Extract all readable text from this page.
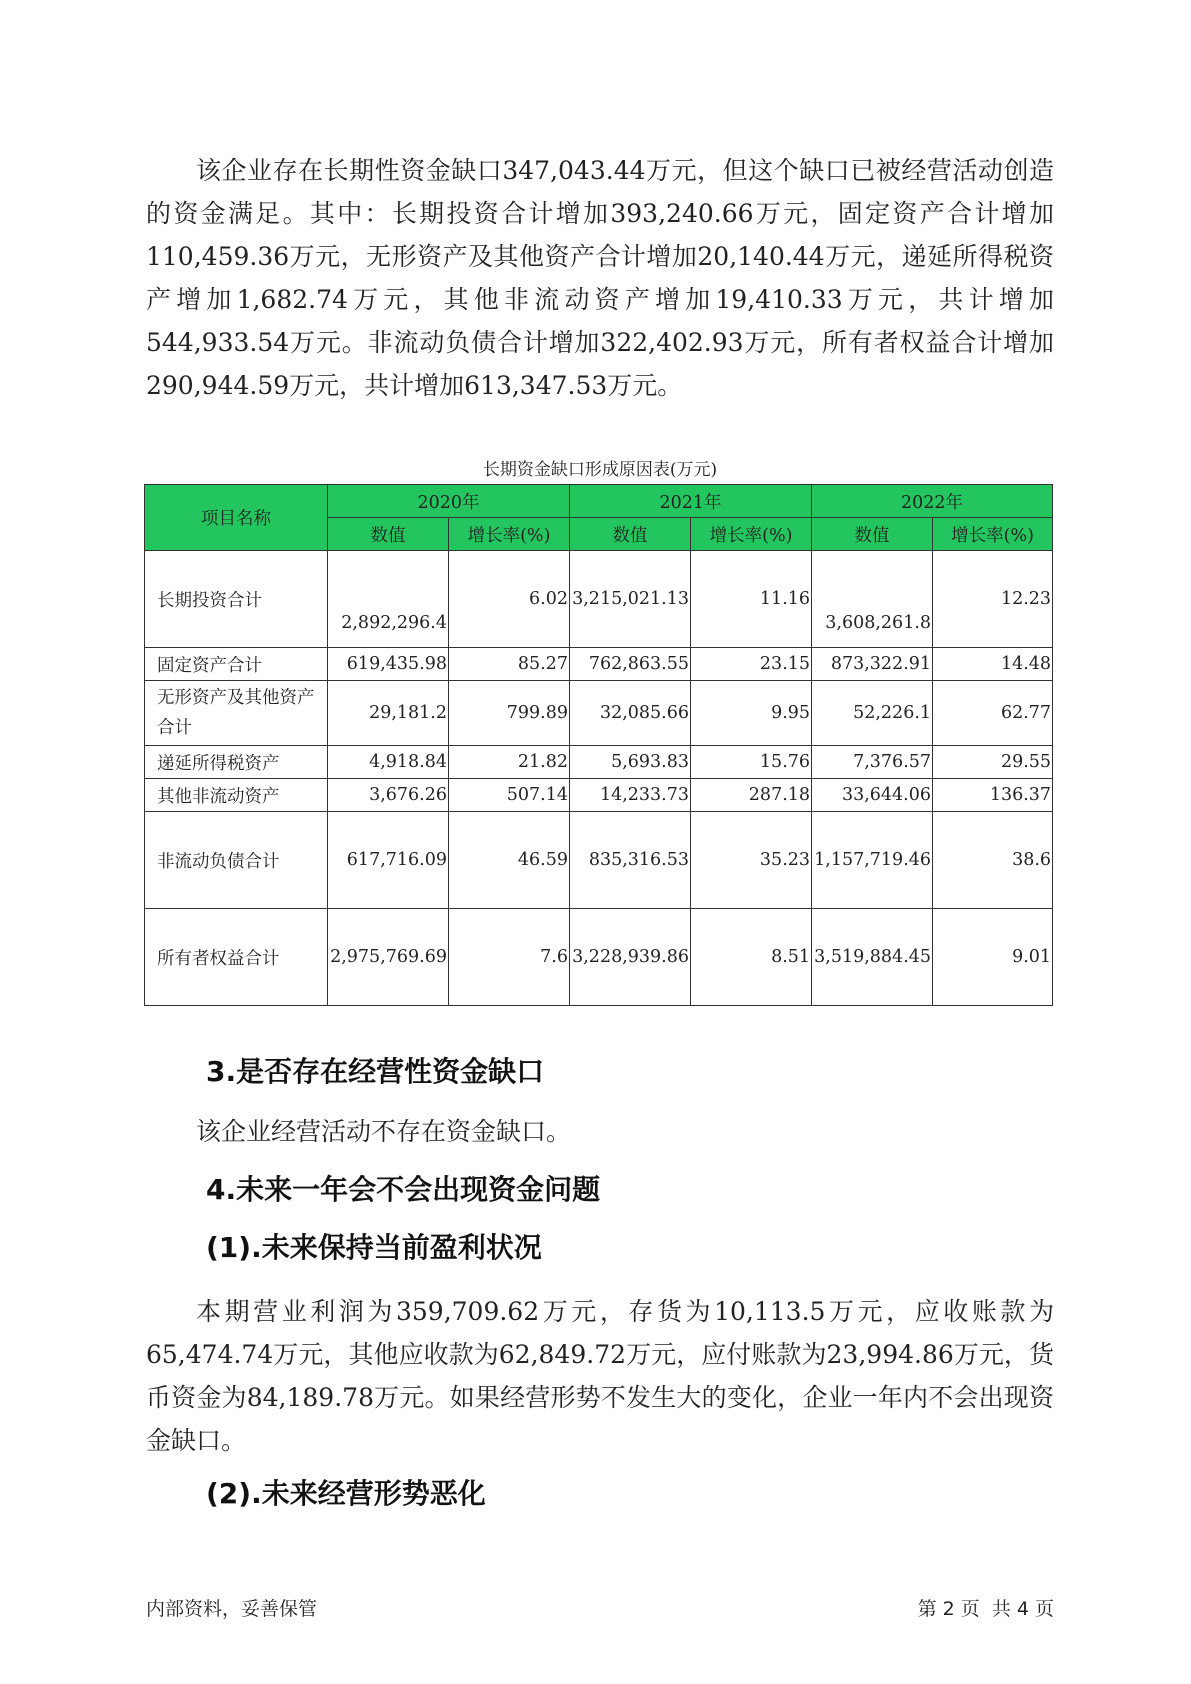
该企业存在长期性资金缺口347,043.44万元，但这个缺口已被经营活动创造的资金满足。其中：长期投资合计增加393,240.66万元，固定资产合计增加110,459.36万元，无形资产及其他资产合计增加20,140.44万元，递延所得税资产增加1,682.74万元，其他非流动资产增加19,410.33万元，共计增加544,933.54万元。非流动负债合计增加322,402.93万元，所有者权益合计增加290,944.59万元，共计增加613,347.53万元。

长期资金缺口形成原因表(万元)
项目名称	2020年		2021年		2022年	
	数值	增长率(%)	数值	增长率(%)	数值	增长率(%)
长期投资合计	2,892,296.4	6.02	3,215,021.13	11.16	3,608,261.8	12.23
固定资产合计	619,435.98	85.27	762,863.55	23.15	873,322.91	14.48
无形资产及其他资产合计	29,181.2	799.89	32,085.66	9.95	52,226.1	62.77
递延所得税资产	4,918.84	21.82	5,693.83	15.76	7,376.57	29.55
其他非流动资产	3,676.26	507.14	14,233.73	287.18	33,644.06	136.37
非流动负债合计	617,716.09	46.59	835,316.53	35.23	1,157,719.46	38.6
所有者权益合计	2,975,769.69	7.6	3,228,939.86	8.51	3,519,884.45	9.01
3.是否存在经营性资金缺口

该企业经营活动不存在资金缺口。

4.未来一年会不会出现资金问题
(1).未来保持当前盈利状况

本期营业利润为359,709.62万元，存货为10,113.5万元，应收账款为65,474.74万元，其他应收款为62,849.72万元，应付账款为23,994.86万元，货币资金为84,189.78万元。如果经营形势不发生大的变化，企业一年内不会出现资金缺口。

(2).未来经营形势恶化
内部资料，妥善保管	第 2 页  共 4 页
